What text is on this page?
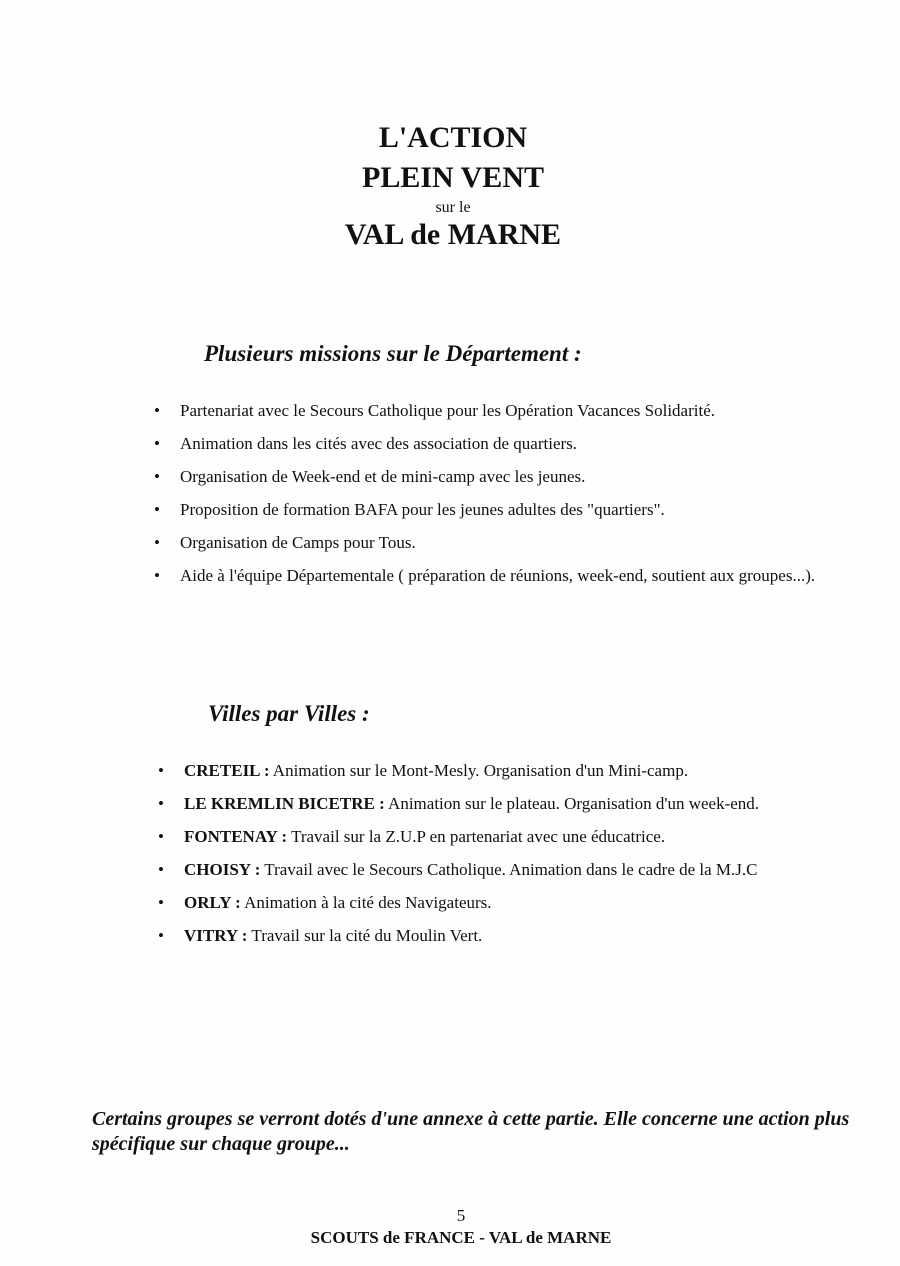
L'ACTION
PLEIN VENT
sur le
VAL de MARNE
Plusieurs missions sur le Département :
• Partenariat avec le Secours Catholique pour les Opération Vacances Solidarité.
• Animation dans les cités avec des association de quartiers.
• Organisation de Week-end et de mini-camp avec les jeunes.
• Proposition de formation BAFA pour les jeunes adultes des "quartiers".
• Organisation de Camps pour Tous.
• Aide à l'équipe Départementale ( préparation de réunions, week-end, soutient aux groupes...).
Villes par Villes :
• CRETEIL : Animation sur le Mont-Mesly. Organisation d'un Mini-camp.
• LE KREMLIN BICETRE : Animation sur le plateau. Organisation d'un week-end.
• FONTENAY : Travail sur la Z.U.P en partenariat avec une éducatrice.
• CHOISY : Travail avec le Secours Catholique. Animation dans le cadre de la M.J.C
• ORLY : Animation à la cité des Navigateurs.
• VITRY : Travail sur la cité du Moulin Vert.
Certains groupes se verront dotés d'une annexe à cette partie. Elle concerne une action plus spécifique sur chaque groupe...
5
SCOUTS de FRANCE - VAL de MARNE
